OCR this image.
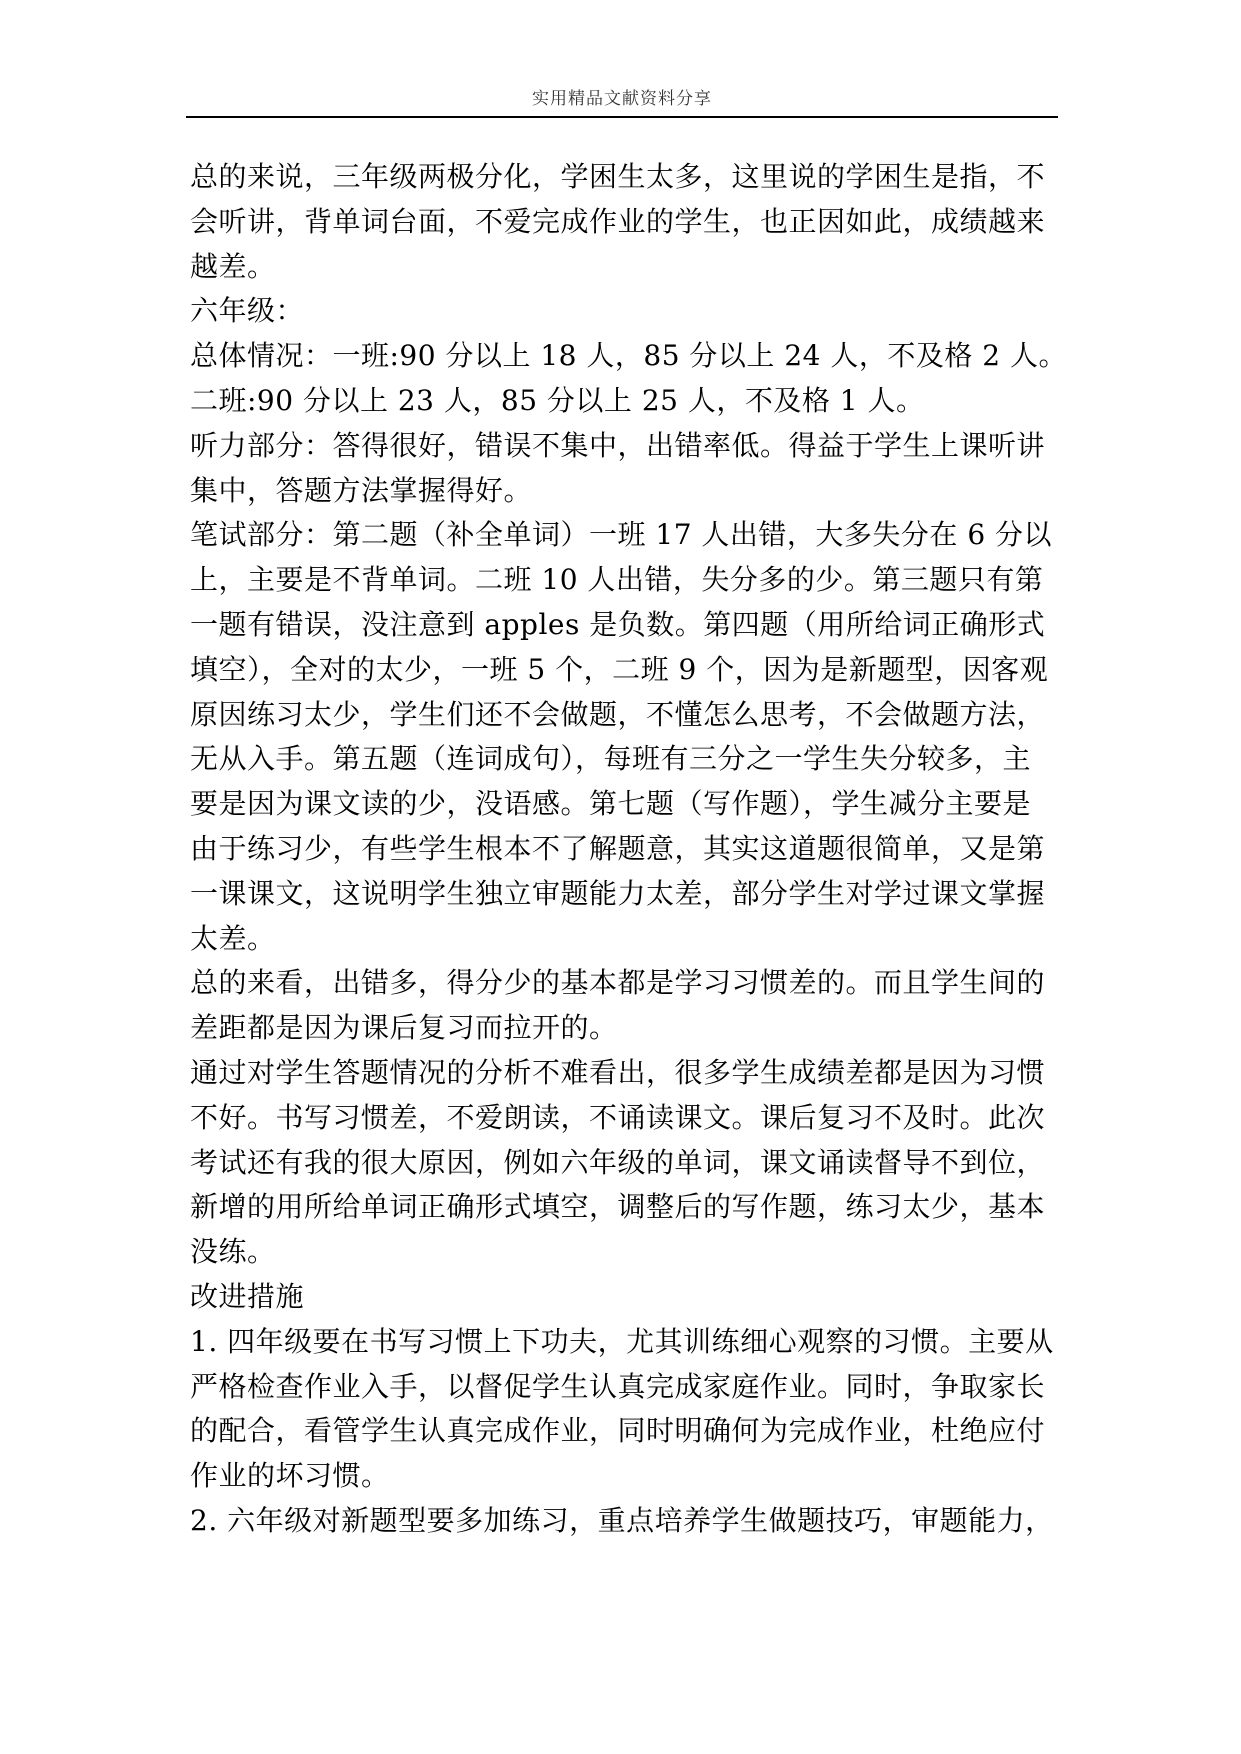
实用精品文献资料分享
总的来说，三年级两极分化，学困生太多，这里说的学困生是指，不
会听讲，背单词台面，不爱完成作业的学生，也正因如此，成绩越来
越差。
六年级：
总体情况：一班:90 分以上 18 人，85 分以上 24 人，不及格 2 人。
二班:90 分以上 23 人，85 分以上 25 人，不及格 1 人。
听力部分：答得很好，错误不集中，出错率低。得益于学生上课听讲
集中，答题方法掌握得好。
笔试部分：第二题（补全单词）一班 17 人出错，大多失分在 6 分以
上，主要是不背单词。二班 10 人出错，失分多的少。第三题只有第
一题有错误，没注意到 apples 是负数。第四题（用所给词正确形式
填空），全对的太少，一班 5 个，二班 9 个，因为是新题型，因客观
原因练习太少，学生们还不会做题，不懂怎么思考，不会做题方法，
无从入手。第五题（连词成句），每班有三分之一学生失分较多，主
要是因为课文读的少，没语感。第七题（写作题），学生减分主要是
由于练习少，有些学生根本不了解题意，其实这道题很简单，又是第
一课课文，这说明学生独立审题能力太差，部分学生对学过课文掌握
太差。
总的来看，出错多，得分少的基本都是学习习惯差的。而且学生间的
差距都是因为课后复习而拉开的。
通过对学生答题情况的分析不难看出，很多学生成绩差都是因为习惯
不好。书写习惯差，不爱朗读，不诵读课文。课后复习不及时。此次
考试还有我的很大原因，例如六年级的单词，课文诵读督导不到位，
新增的用所给单词正确形式填空，调整后的写作题，练习太少，基本
没练。
改进措施
1. 四年级要在书写习惯上下功夫，尤其训练细心观察的习惯。主要从
严格检查作业入手，以督促学生认真完成家庭作业。同时，争取家长
的配合，看管学生认真完成作业，同时明确何为完成作业，杜绝应付
作业的坏习惯。
2. 六年级对新题型要多加练习，重点培养学生做题技巧，审题能力，
